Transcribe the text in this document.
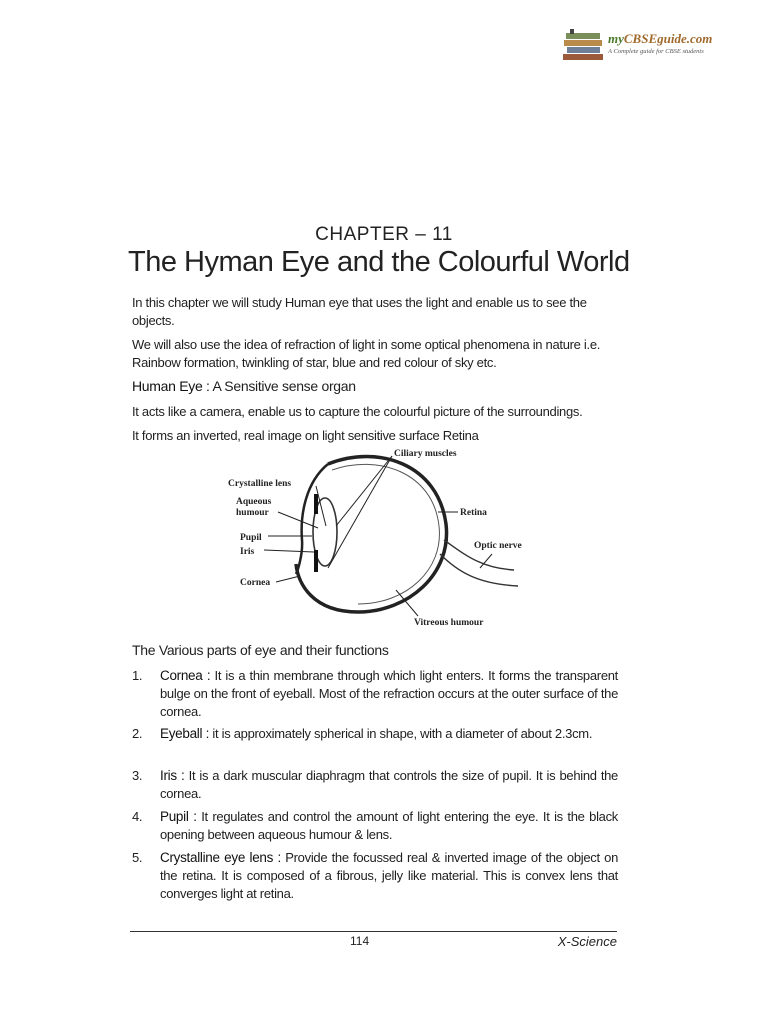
myCBSEguide.com
A Complete guide for CBSE students
CHAPTER – 11
The Hyman Eye and the Colourful World
In this chapter we will study Human eye that uses the light and enable us to see the objects.
We will also use the idea of refraction of light in some optical phenomena in nature i.e. Rainbow formation, twinkling of star, blue and red colour of sky etc.
Human Eye : A Sensitive sense organ
It acts like a camera, enable us to capture the colourful picture of the surroundings.
It forms an inverted, real image on light sensitive surface Retina
Ciliary muscles
Crystalline lens
Aqueous
humour
Pupil
Iris
Cornea
Retina
Optic nerve
Vitreous humour
The Various parts of eye and their functions
1. Cornea : It is a thin membrane through which light enters. It forms the transparent bulge on the front of eyeball. Most of the refraction occurs at the outer surface of the cornea.
2. Eyeball : it is approximately spherical in shape, with a diameter of about 2.3cm.
3. Iris : It is a dark muscular diaphragm that controls the size of pupil. It is behind the cornea.
4. Pupil : It regulates and control the amount of light entering the eye. It is the black opening between aqueous humour & lens.
5. Crystalline eye lens : Provide the focussed real & inverted image of the object on the retina. It is composed of a fibrous, jelly like material. This is convex lens that converges light at retina.
114	X-Science
